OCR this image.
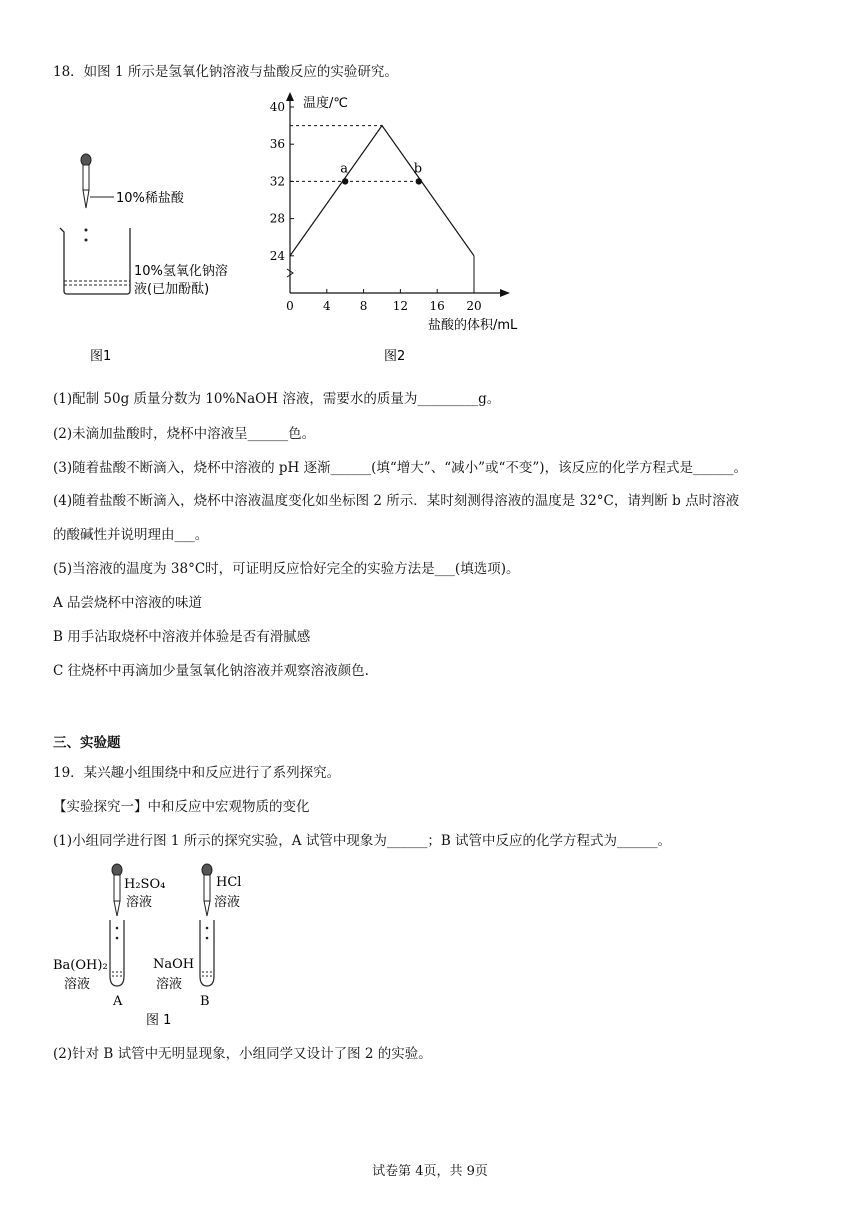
18．如图 1 所示是氢氧化钠溶液与盐酸反应的实验研究。
10%稀盐酸
10%氢氧化钠溶
液(已加酚酞)
图1
24
28
32
36
40
0 4 8 12 16 20
温度/℃
盐酸的体积/mL
a	b
图2
(1)配制 50g 质量分数为 10%NaOH 溶液，需要水的质量为_________g。
(2)未滴加盐酸时，烧杯中溶液呈______色。
(3)随着盐酸不断滴入，烧杯中溶液的 pH 逐渐______(填“增大”、“减小”或“不变”)，该反应的化学方程式是______。
(4)随着盐酸不断滴入，烧杯中溶液温度变化如坐标图 2 所示．某时刻测得溶液的温度是 32°C，请判断 b 点时溶液
的酸碱性并说明理由___。
(5)当溶液的温度为 38°C时，可证明反应恰好完全的实验方法是___(填选项)。
A 品尝烧杯中溶液的味道
B 用手沾取烧杯中溶液并体验是否有滑腻感
C 往烧杯中再滴加少量氢氧化钠溶液并观察溶液颜色.
三、实验题
19．某兴趣小组围绕中和反应进行了系列探究。
【实验探究一】中和反应中宏观物质的变化
(1)小组同学进行图 1 所示的探究实验，A 试管中现象为______；B 试管中反应的化学方程式为______。
H₂SO₄
溶液
HCl
溶液
Ba(OH)₂
溶液
NaOH
溶液
A	B
图 1
(2)针对 B 试管中无明显现象，小组同学又设计了图 2 的实验。
试卷第 4页，共 9页
